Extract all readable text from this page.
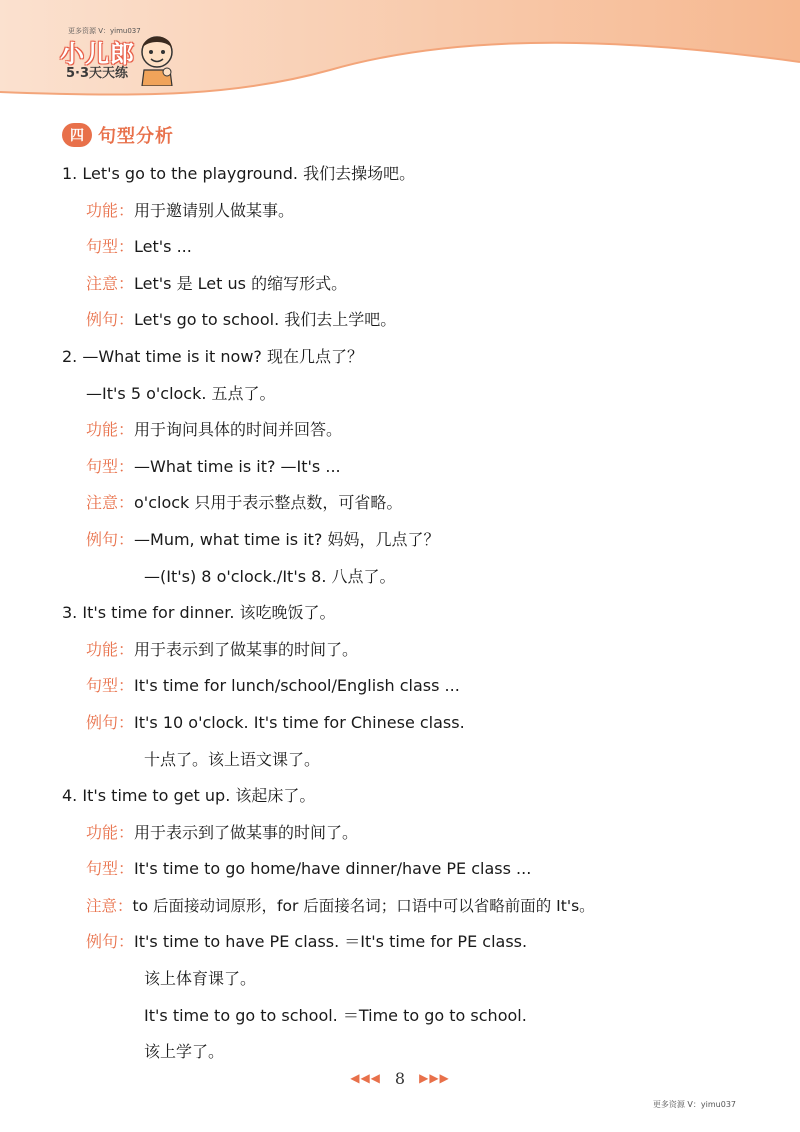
更多资源 V：yimu037
小儿郎
5·3天天练
四 句型分析
1. Let's go to the playground. 我们去操场吧。
功能：用于邀请别人做某事。
句型：Let's ...
注意：Let's 是 Let us 的缩写形式。
例句：Let's go to school. 我们去上学吧。
2. —What time is it now? 现在几点了？
—It's 5 o'clock. 五点了。
功能：用于询问具体的时间并回答。
句型：—What time is it? —It's ...
注意：o'clock 只用于表示整点数，可省略。
例句：—Mum, what time is it? 妈妈，几点了？
—(It's) 8 o'clock./It's 8. 八点了。
3. It's time for dinner. 该吃晚饭了。
功能：用于表示到了做某事的时间了。
句型：It's time for lunch/school/English class ...
例句：It's 10 o'clock. It's time for Chinese class.
十点了。该上语文课了。
4. It's time to get up. 该起床了。
功能：用于表示到了做某事的时间了。
句型：It's time to go home/have dinner/have PE class ...
注意：to 后面接动词原形，for 后面接名词；口语中可以省略前面的 It's。
例句：It's time to have PE class. ＝It's time for PE class.
该上体育课了。
It's time to go to school. ＝Time to go to school.
该上学了。
◀◀◀ 8 ▶▶▶
更多资源 V：yimu037
